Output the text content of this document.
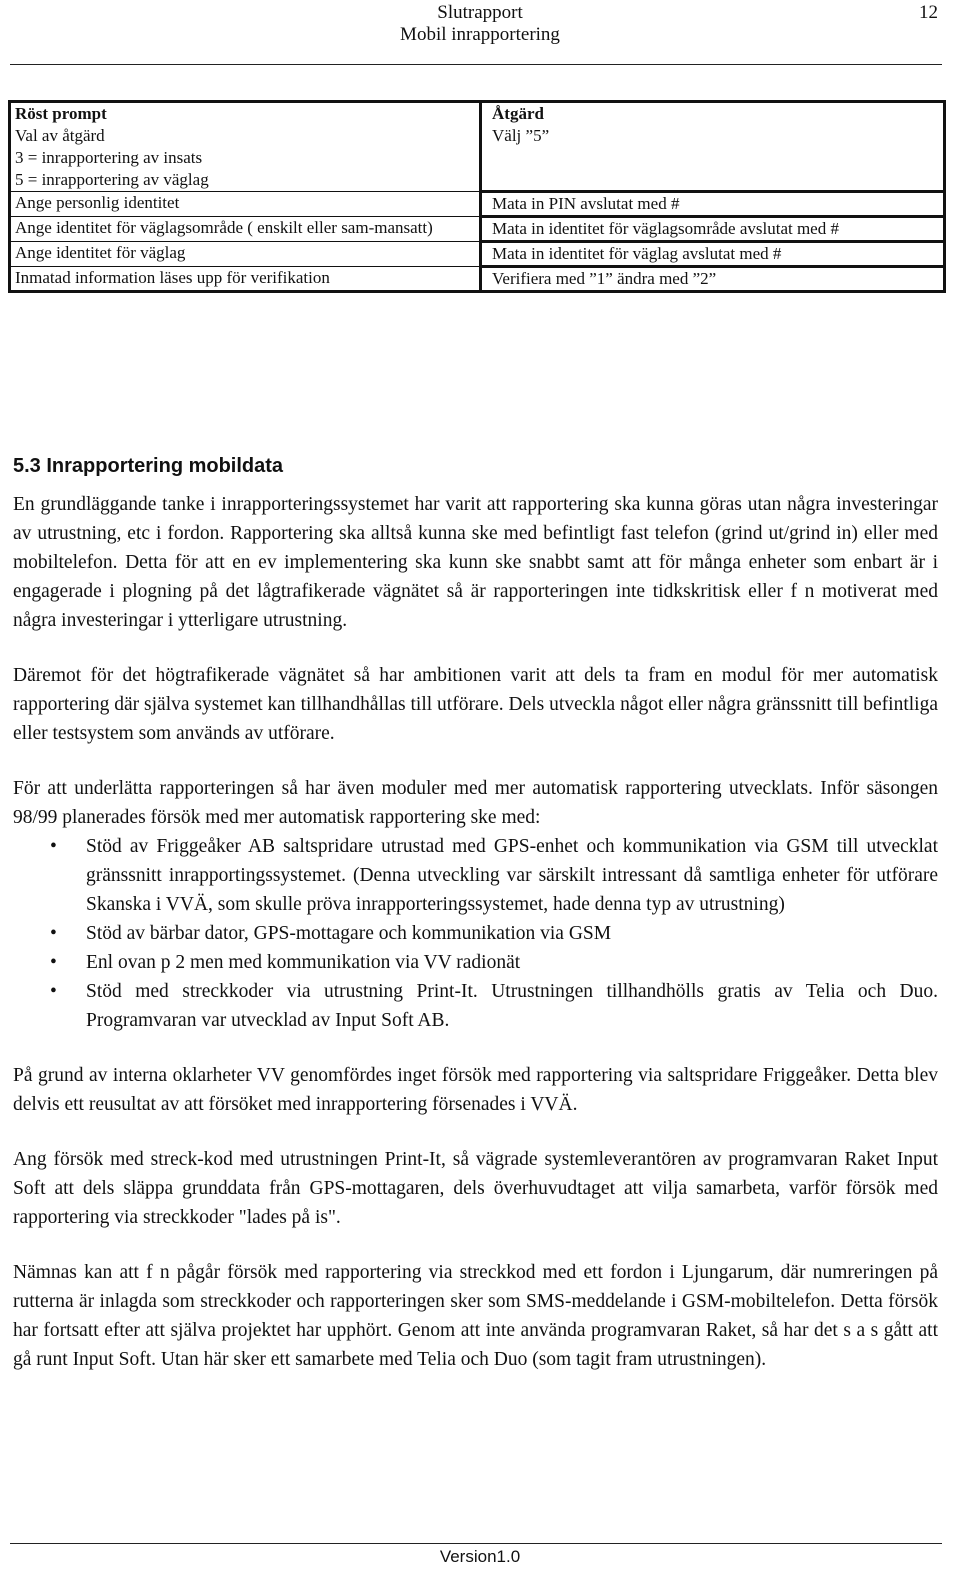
Slutrapport
Mobil inrapportering
12
Röst prompt	Åtgärd
Val av åtgärd	Välj ”5”
3 = inrapportering av insats	
5 = inrapportering av väglag	
Ange personlig identitet	Mata in PIN avslutat med #
Ange identitet för väglagsområde ( enskilt eller sam-mansatt)	Mata in identitet för väglagsområde avslutat med #
Ange identitet för väglag	Mata in identitet för väglag avslutat med #
Inmatad information läses upp för verifikation	Verifiera med ”1” ändra med ”2”
5.3 Inrapportering mobildata

En grundläggande tanke i inrapporteringssystemet har varit att rapportering ska kunna göras utan några investeringar av utrustning, etc i fordon. Rapportering ska alltså kunna ske med befintligt fast telefon (grind ut/grind in) eller med mobiltelefon. Detta för att en ev implementering ska kunn ske snabbt samt att för många enheter som enbart är i engagerade i plogning på det lågtrafikerade vägnätet så är rapporteringen inte tidkskritisk eller f n motiverat med några investeringar i ytterligare utrustning.

Däremot för det högtrafikerade vägnätet så har ambitionen varit att dels ta fram en modul för mer automatisk rapportering där själva systemet kan tillhandhållas till utförare. Dels utveckla något eller några gränssnitt till befintliga eller testsystem som används av utförare.

För att underlätta rapporteringen så har även moduler med mer automatisk rapportering utvecklats. Inför säsongen 98/99 planerades försök med mer automatisk rapportering ske med:

• Stöd av Friggeåker AB saltspridare utrustad med GPS-enhet och kommunikation via GSM till utvecklat gränssnitt inrapportingssystemet. (Denna utveckling var särskilt intressant då samtliga enheter för utförare Skanska i VVÄ, som skulle pröva inrapporteringssystemet, hade denna typ av utrustning)
• Stöd av bärbar dator, GPS-mottagare och kommunikation via GSM
• Enl ovan p 2 men med kommunikation via VV radionät
• Stöd med streckkoder via utrustning Print-It. Utrustningen tillhandhölls gratis av Telia och Duo. Programvaran var utvecklad av Input Soft AB.

På grund av interna oklarheter VV genomfördes inget försök med rapportering via saltspridare Friggeåker. Detta blev delvis ett reusultat av att försöket med inrapportering försenades i VVÄ.

Ang försök med streck-kod med utrustningen Print-It, så vägrade systemleverantören av programvaran Raket Input Soft att dels släppa grunddata från GPS-mottagaren, dels överhuvudtaget att vilja samarbeta, varför försök med rapportering via streckkoder "lades på is".

Nämnas kan att f n pågår försök med rapportering via streckkod med ett fordon i Ljungarum, där numreringen på rutterna är inlagda som streckkoder och rapporteringen sker som SMS-meddelande i GSM-mobiltelefon. Detta försök har fortsatt efter att själva projektet har upphört. Genom att inte använda programvaran Raket, så har det s a s gått att gå runt Input Soft. Utan här sker ett samarbete med Telia och Duo (som tagit fram utrustningen).

Version1.0
